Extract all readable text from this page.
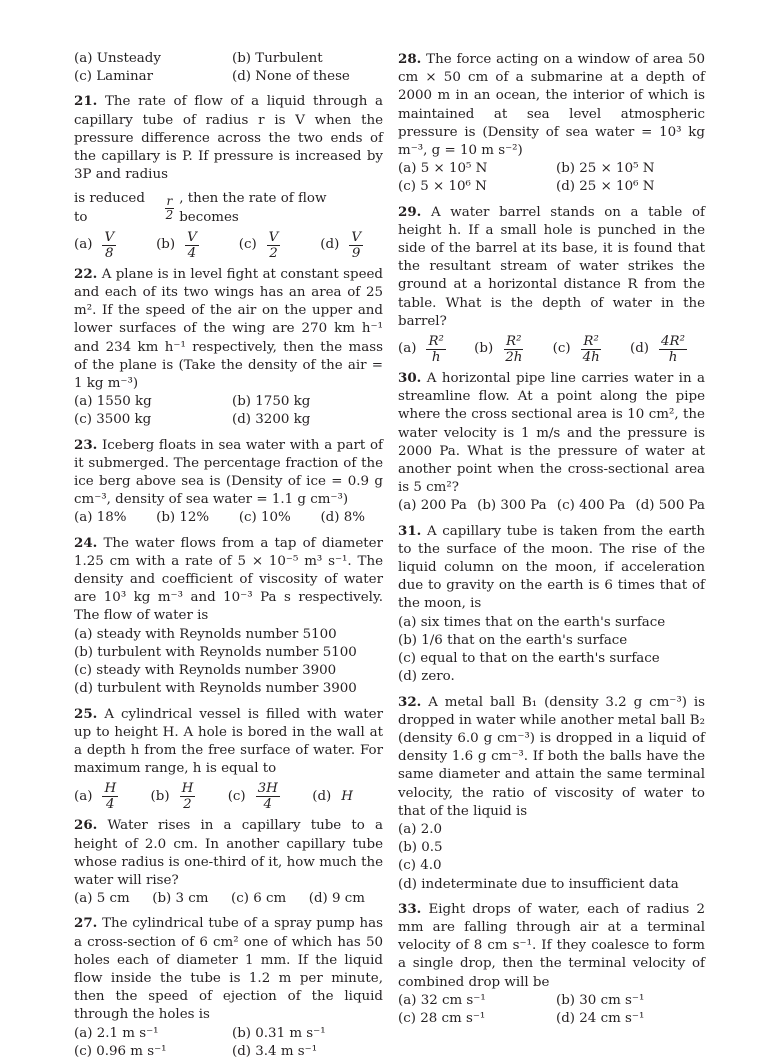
(a) Unsteady	(b) Turbulent
(c) Laminar	(d) None of these

21. The rate of flow of a liquid through a capillary tube of radius r is V when the pressure difference across the two ends of the capillary is P. If pressure is increased by 3P and radius

is reduced to	$\frac{r}{2}$ , then the rate of flow becomes
$(a) \frac{V}{8}$	$(b) \frac{V}{4}$	$(c) \frac{V}{2}$	$(d) \frac{V}{9}$

22. A plane is in level fight at constant speed and each of its two wings has an area of 25 m². If the speed of the air on the upper and lower surfaces of the wing are 270 km h⁻¹ and 234 km h⁻¹ respectively, then the mass of the plane is (Take the density of the air = 1 kg m⁻³)

(a) 1550 kg	(b) 1750 kg
(c) 3500 kg	(d) 3200 kg

23. Iceberg floats in sea water with a part of it submerged. The percentage fraction of the ice berg above sea is (Density of ice = 0.9 g cm⁻³, density of sea water = 1.1 g cm⁻³)

(a) 18% (b) 12% (c) 10% (d) 8%

24. The water flows from a tap of diameter 1.25 cm with a rate of 5 × 10⁻⁵ m³ s⁻¹. The density and coefficient of viscosity of water are 10³ kg m⁻³ and 10⁻³ Pa s respectively. The flow of water is

(a) steady with Reynolds number 5100
(b) turbulent with Reynolds number 5100
(c) steady with Reynolds number 3900
(d) turbulent with Reynolds number 3900

25. A cylindrical vessel is filled with water up to height H. A hole is bored in the wall at a depth h from the free surface of water. For maximum range, h is equal to

$(a) \frac{H}{4} (b) \frac{H}{2} (c) \frac{3H}{4} (d)$ H

26. Water rises in a capillary tube to a height of 2.0 cm. In another capillary tube whose radius is one-third of it, how much the water will rise?

(a) 5 cm (b) 3 cm (c) 6 cm (d) 9 cm

27. The cylindrical tube of a spray pump has a cross-section of 6 cm² one of which has 50 holes each of diameter 1 mm. If the liquid flow inside the tube is 1.2 m per minute, then the speed of ejection of the liquid through the holes is

(a) 2.1 m s⁻¹	(b) 0.31 m s⁻¹
(c) 0.96 m s⁻¹	(d) 3.4 m s⁻¹

28. The force acting on a window of area 50 cm × 50 cm of a submarine at a depth of 2000 m in an ocean, the interior of which is maintained at sea level atmospheric pressure is (Density of sea water = 10³ kg m⁻³, g = 10 m s⁻²)

(a) 5 × 10⁵ N	(b) 25 × 10⁵ N
(c) 5 × 10⁶ N	(d) 25 × 10⁶ N

29. A water barrel stands on a table of height h. If a small hole is punched in the side of the barrel at its base, it is found that the resultant stream of water strikes the ground at a horizontal distance R from the table. What is the depth of water in the barrel?

$(a) \frac{\text{R²}}{h} (b) \frac{\text{R²}}{2h} (c) \frac{\text{R²}}{4h} (d) \frac{\text{4R²}}{h}$

30. A horizontal pipe line carries water in a streamline flow. At a point along the pipe where the cross sectional area is 10 cm², the water velocity is 1 m/s and the pressure is 2000 Pa. What is the pressure of water at another point when the cross-sectional area is 5 cm²?

(a) 200 Pa (b) 300 Pa (c) 400 Pa (d) 500 Pa

31. A capillary tube is taken from the earth to the surface of the moon. The rise of the liquid column on the moon, if acceleration due to gravity on the earth is 6 times that of the moon, is

(a) six times that on the earth's surface
(b) 1/6 that on the earth's surface
(c) equal to that on the earth's surface
(d) zero.

32. A metal ball B₁ (density 3.2 g cm⁻³) is dropped in water while another metal ball B₂ (density 6.0 g cm⁻³) is dropped in a liquid of density 1.6 g cm⁻³. If both the balls have the same diameter and attain the same terminal velocity, the ratio of viscosity of water to that of the liquid is

(a) 2.0
(b) 0.5
(c) 4.0
(d) indeterminate due to insufficient data

33. Eight drops of water, each of radius 2 mm are falling through air at a terminal velocity of 8 cm s⁻¹. If they coalesce to form a single drop, then the terminal velocity of combined drop will be

(a) 32 cm s⁻¹	(b) 30 cm s⁻¹
(c) 28 cm s⁻¹	(d) 24 cm s⁻¹
